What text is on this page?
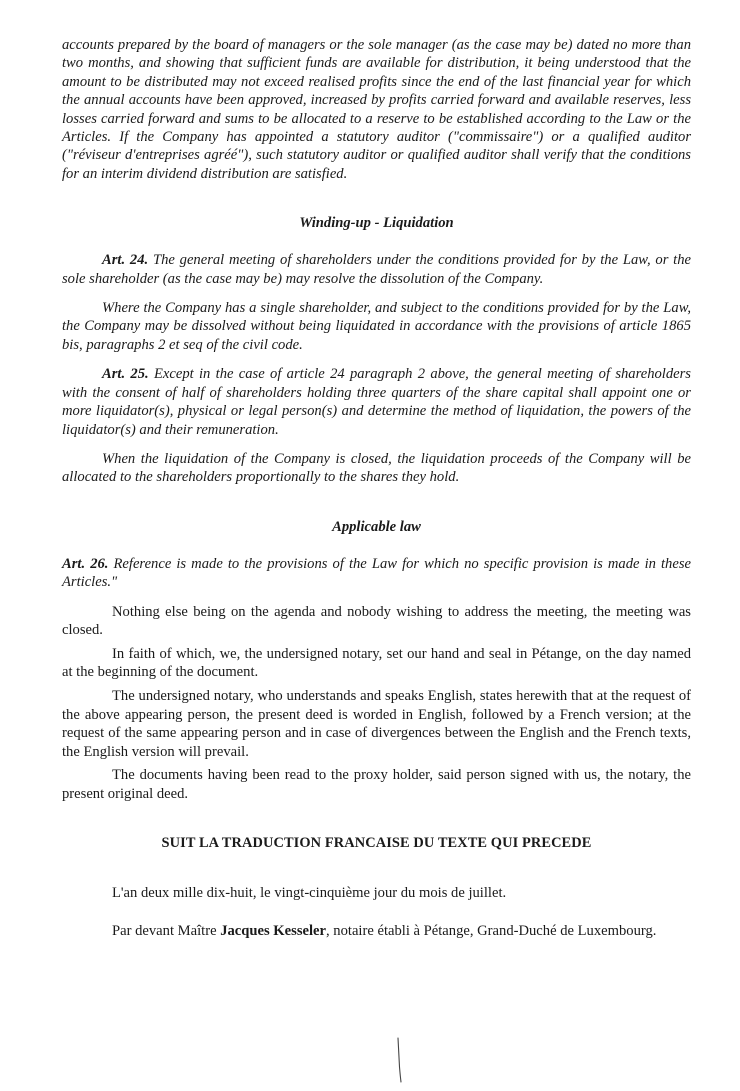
accounts prepared by the board of managers or the sole manager (as the case may be) dated no more than two months, and showing that sufficient funds are available for distribution, it being understood that the amount to be distributed may not exceed realised profits since the end of the last financial year for which the annual accounts have been approved, increased by profits carried forward and available reserves, less losses carried forward and sums to be allocated to a reserve to be established according to the Law or the Articles. If the Company has appointed a statutory auditor ("commissaire") or a qualified auditor ("réviseur d'entreprises agréé"), such statutory auditor or qualified auditor shall verify that the conditions for an interim dividend distribution are satisfied.

Winding-up - Liquidation

Art. 24. The general meeting of shareholders under the conditions provided for by the Law, or the sole shareholder (as the case may be) may resolve the dissolution of the Company.

Where the Company has a single shareholder, and subject to the conditions provided for by the Law, the Company may be dissolved without being liquidated in accordance with the provisions of article 1865 bis, paragraphs 2 et seq of the civil code.

Art. 25. Except in the case of article 24 paragraph 2 above, the general meeting of shareholders with the consent of half of shareholders holding three quarters of the share capital shall appoint one or more liquidator(s), physical or legal person(s) and determine the method of liquidation, the powers of the liquidator(s) and their remuneration.

When the liquidation of the Company is closed, the liquidation proceeds of the Company will be allocated to the shareholders proportionally to the shares they hold.

Applicable law

Art. 26. Reference is made to the provisions of the Law for which no specific provision is made in these Articles."

Nothing else being on the agenda and nobody wishing to address the meeting, the meeting was closed.

In faith of which, we, the undersigned notary, set our hand and seal in Pétange, on the day named at the beginning of the document.

The undersigned notary, who understands and speaks English, states herewith that at the request of the above appearing person, the present deed is worded in English, followed by a French version; at the request of the same appearing person and in case of divergences between the English and the French texts, the English version will prevail.

The documents having been read to the proxy holder, said person signed with us, the notary, the present original deed.

SUIT LA TRADUCTION FRANCAISE DU TEXTE QUI PRECEDE

L'an deux mille dix-huit, le vingt-cinquième jour du mois de juillet.

Par devant Maître Jacques Kesseler, notaire établi à Pétange, Grand-Duché de Luxembourg.
